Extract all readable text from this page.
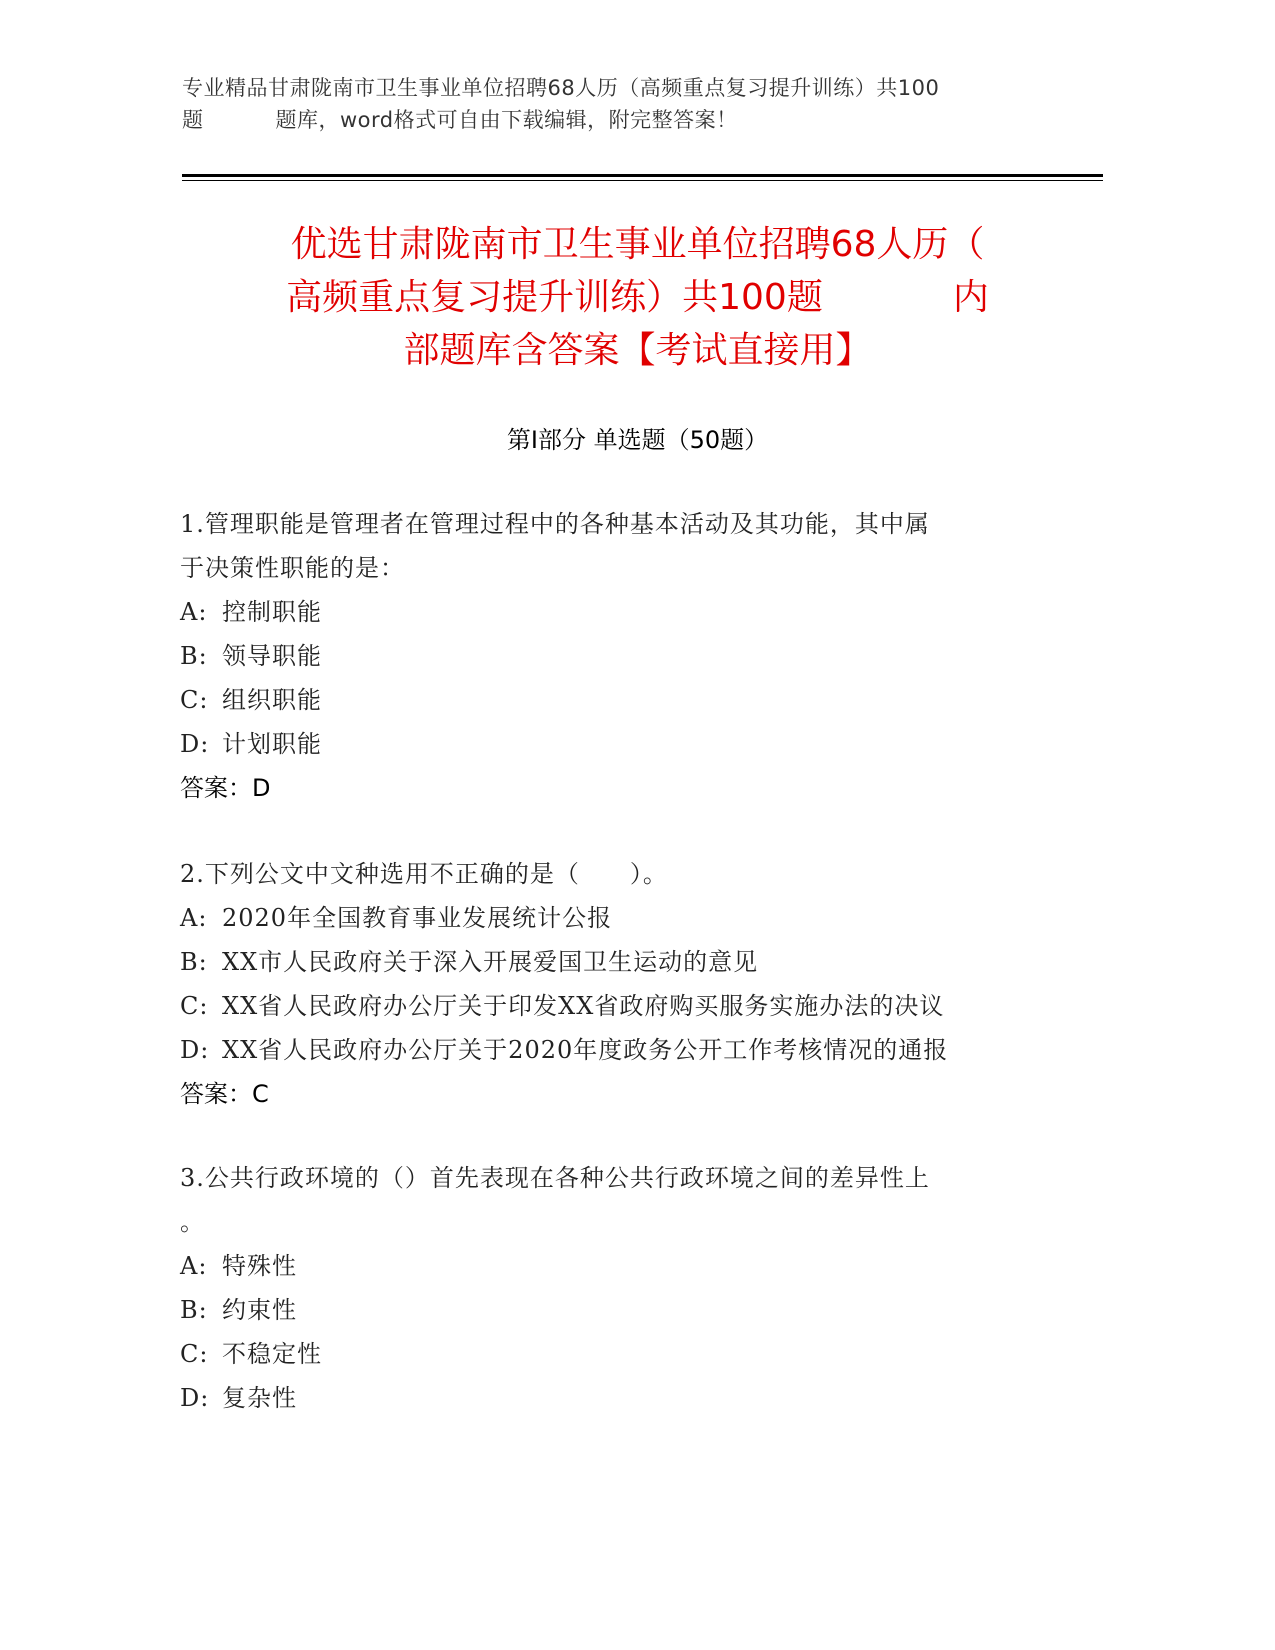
专业精品甘肃陇南市卫生事业单位招聘68人历（高频重点复习提升训练）共100
题	题库，word格式可自由下载编辑，附完整答案！
优选甘肃陇南市卫生事业单位招聘68人历（
高频重点复习提升训练）共100题	内
部题库含答案【考试直接用】
第Ⅰ部分 单选题（50题）
1.管理职能是管理者在管理过程中的各种基本活动及其功能，其中属
于决策性职能的是：
A: 控制职能
B: 领导职能
C: 组织职能
D: 计划职能
答案：D
2.下列公文中文种选用不正确的是（　　）。
A: 2020年全国教育事业发展统计公报
B: XX市人民政府关于深入开展爱国卫生运动的意见
C: XX省人民政府办公厅关于印发XX省政府购买服务实施办法的决议
D: XX省人民政府办公厅关于2020年度政务公开工作考核情况的通报
答案：C
3.公共行政环境的（）首先表现在各种公共行政环境之间的差异性上
。
A: 特殊性
B: 约束性
C: 不稳定性
D: 复杂性
